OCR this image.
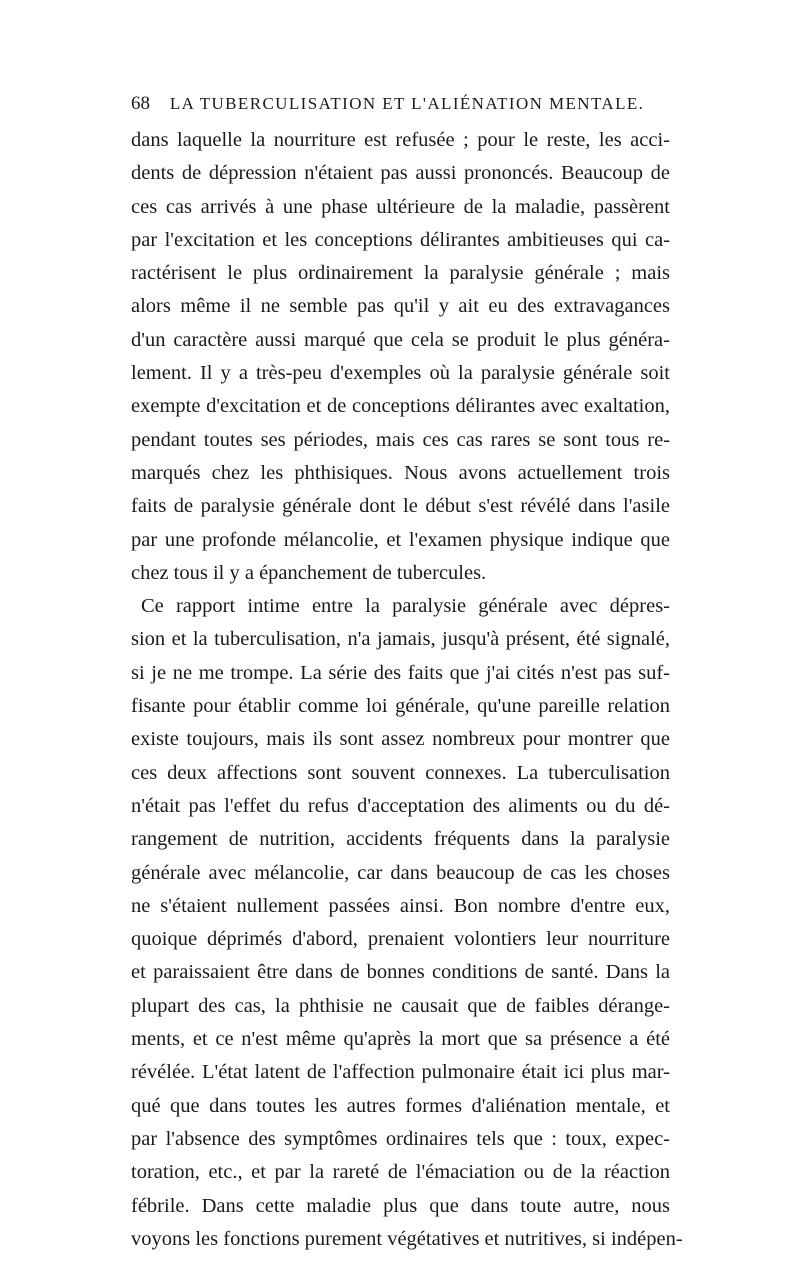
68 LA TUBERCULISATION ET L'ALIÉNATION MENTALE.
dans laquelle la nourriture est refusée ; pour le reste, les acci-
dents de dépression n'étaient pas aussi prononcés. Beaucoup de
ces cas arrivés à une phase ultérieure de la maladie, passèrent
par l'excitation et les conceptions délirantes ambitieuses qui ca-
ractérisent le plus ordinairement la paralysie générale ; mais
alors même il ne semble pas qu'il y ait eu des extravagances
d'un caractère aussi marqué que cela se produit le plus généra-
lement. Il y a très-peu d'exemples où la paralysie générale soit
exempte d'excitation et de conceptions délirantes avec exaltation,
pendant toutes ses périodes, mais ces cas rares se sont tous re-
marqués chez les phthisiques. Nous avons actuellement trois
faits de paralysie générale dont le début s'est révélé dans l'asile
par une profonde mélancolie, et l'examen physique indique que
chez tous il y a épanchement de tubercules.
Ce rapport intime entre la paralysie générale avec dépres-
sion et la tuberculisation, n'a jamais, jusqu'à présent, été signalé,
si je ne me trompe. La série des faits que j'ai cités n'est pas suf-
fisante pour établir comme loi générale, qu'une pareille relation
existe toujours, mais ils sont assez nombreux pour montrer que
ces deux affections sont souvent connexes. La tuberculisation
n'était pas l'effet du refus d'acceptation des aliments ou du dé-
rangement de nutrition, accidents fréquents dans la paralysie
générale avec mélancolie, car dans beaucoup de cas les choses
ne s'étaient nullement passées ainsi. Bon nombre d'entre eux,
quoique déprimés d'abord, prenaient volontiers leur nourriture
et paraissaient être dans de bonnes conditions de santé. Dans la
plupart des cas, la phthisie ne causait que de faibles dérange-
ments, et ce n'est même qu'après la mort que sa présence a été
révélée. L'état latent de l'affection pulmonaire était ici plus mar-
qué que dans toutes les autres formes d'aliénation mentale, et
par l'absence des symptômes ordinaires tels que : toux, expec-
toration, etc., et par la rareté de l'émaciation ou de la réaction
fébrile. Dans cette maladie plus que dans toute autre, nous
voyons les fonctions purement végétatives et nutritives, si indépen-
